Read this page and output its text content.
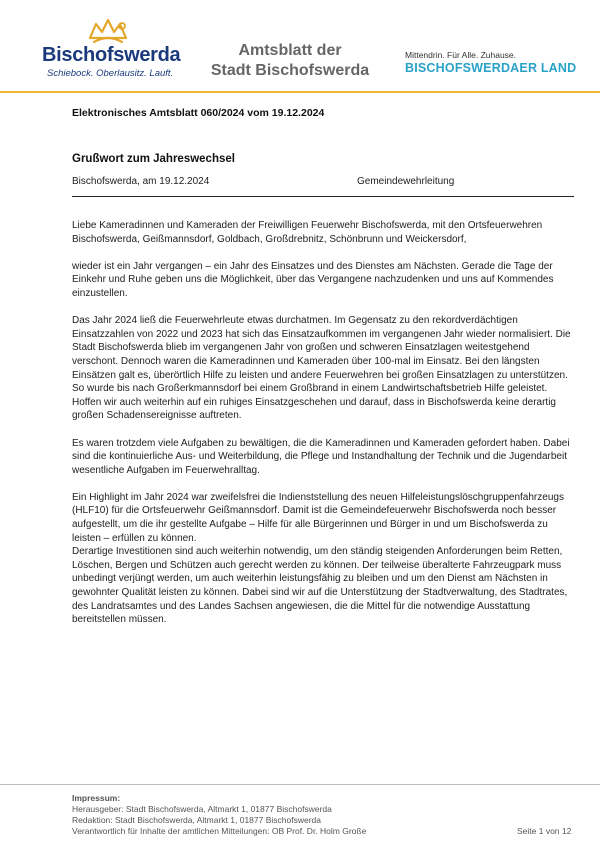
Bischofswerda
Schiebock. Oberlausitz. Lauft.
Amtsblatt der
Stadt Bischofswerda
Mittendrin. Für Alle. Zuhause.
BISCHOFSWERDAER LAND
Elektronisches Amtsblatt 060/2024 vom 19.12.2024
Grußwort zum Jahreswechsel
Bischofswerda, am 19.12.2024	Gemeindewehrleitung

Liebe Kameradinnen und Kameraden der Freiwilligen Feuerwehr Bischofswerda, mit den Ortsfeuerwehren Bischofswerda, Geißmannsdorf, Goldbach, Großdrebnitz, Schönbrunn und Weickersdorf,

wieder ist ein Jahr vergangen – ein Jahr des Einsatzes und des Dienstes am Nächsten. Gerade die Tage der Einkehr und Ruhe geben uns die Möglichkeit, über das Vergangene nachzudenken und uns auf Kommendes einzustellen.

Das Jahr 2024 ließ die Feuerwehrleute etwas durchatmen. Im Gegensatz zu den rekordverdächtigen Einsatzzahlen von 2022 und 2023 hat sich das Einsatzaufkommen im vergangenen Jahr wieder normalisiert. Die Stadt Bischofswerda blieb im vergangenen Jahr von großen und schweren Einsatzlagen weitestgehend verschont. Dennoch waren die Kameradinnen und Kameraden über 100-mal im Einsatz. Bei den längsten Einsätzen galt es, überörtlich Hilfe zu leisten und andere Feuerwehren bei großen Einsatzlagen zu unterstützen. So wurde bis nach Großerkmannsdorf bei einem Großbrand in einem Landwirtschaftsbetrieb Hilfe geleistet.

Hoffen wir auch weiterhin auf ein ruhiges Einsatzgeschehen und darauf, dass in Bischofswerda keine derartig großen Schadensereignisse auftreten.

Es waren trotzdem viele Aufgaben zu bewältigen, die die Kameradinnen und Kameraden gefordert haben. Dabei sind die kontinuierliche Aus- und Weiterbildung, die Pflege und Instandhaltung der Technik und die Jugendarbeit wesentliche Aufgaben im Feuerwehralltag.

Ein Highlight im Jahr 2024 war zweifelsfrei die Indienststellung des neuen Hilfeleistungslöschgruppenfahrzeugs (HLF10) für die Ortsfeuerwehr Geißmannsdorf. Damit ist die Gemeindefeuerwehr Bischofswerda noch besser aufgestellt, um die ihr gestellte Aufgabe – Hilfe für alle Bürgerinnen und Bürger in und um Bischofswerda zu leisten – erfüllen zu können.

Derartige Investitionen sind auch weiterhin notwendig, um den ständig steigenden Anforderungen beim Retten, Löschen, Bergen und Schützen auch gerecht werden zu können. Der teilweise überalterte Fahrzeugpark muss unbedingt verjüngt werden, um auch weiterhin leistungsfähig zu bleiben und um den Dienst am Nächsten in gewohnter Qualität leisten zu können. Dabei sind wir auf die Unterstützung der Stadtverwaltung, des Stadtrates, des Landratsamtes und des Landes Sachsen angewiesen, die die Mittel für die notwendige Ausstattung bereitstellen müssen.

Impressum:
Herausgeber: Stadt Bischofswerda, Altmarkt 1, 01877 Bischofswerda
Redaktion: Stadt Bischofswerda, Altmarkt 1, 01877 Bischofswerda
Verantwortlich für Inhalte der amtlichen Mitteilungen: OB Prof. Dr. Holm Große	Seite 1 von 12
